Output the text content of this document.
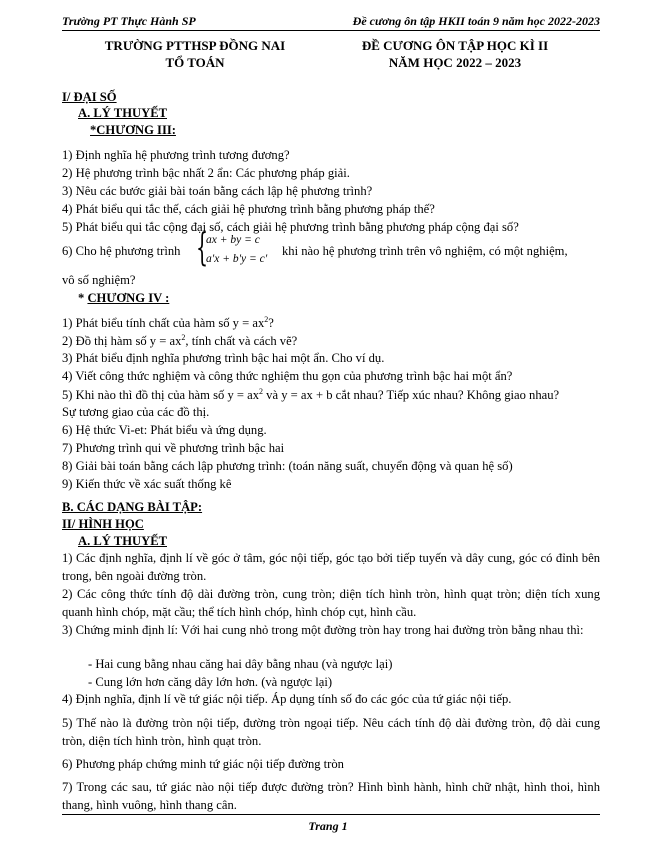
Trường PT Thực Hành SP	Đề cương ôn tập HKII toán 9 năm học 2022-2023
TRƯỜNG PTTHSP ĐỒNG NAI
TỔ TOÁN
ĐỀ CƯƠNG ÔN TẬP HỌC KÌ II
NĂM HỌC 2022 – 2023
I/ ĐẠI SỐ
A. LÝ THUYẾT
*CHƯƠNG III:
1) Định nghĩa hệ phương trình tương đương?
2) Hệ phương trình bậc nhất 2 ẩn: Các phương pháp giải.
3) Nêu các bước giải bài toán bằng cách lập hệ phương trình?
4) Phát biểu qui tắc thế, cách giải hệ phương trình bằng phương pháp thế?
5) Phát biểu qui tắc cộng đại số, cách giải hệ phương trình bằng phương pháp cộng đại số?
6) Cho hệ phương trình {
ax + by = c
a'x + b'y = c'
khi nào hệ phương trình trên vô nghiệm, có một nghiệm,
vô số nghiệm?
* CHƯƠNG IV :
1) Phát biểu tính chất của hàm số $y = ax^2$?
2) Đồ thị hàm số $y = ax^2$, tính chất và cách vẽ?
3) Phát biểu định nghĩa phương trình bậc hai một ẩn. Cho ví dụ.
4) Viết công thức nghiệm và công thức nghiệm thu gọn của phương trình bậc hai một ẩn?
5) Khi nào thì đồ thị của hàm số $y = ax^2$ và y = ax + b cắt nhau? Tiếp xúc nhau? Không giao nhau?
Sự tương giao của các đồ thị.
6) Hệ thức Vi-et: Phát biểu và ứng dụng.
7) Phương trình qui về phương trình bậc hai
8) Giải bài toán bằng cách lập phương trình: (toán năng suất, chuyển động và quan hệ số)
9) Kiến thức về xác suất thống kê
B. CÁC DẠNG BÀI TẬP:
II/ HÌNH HỌC
A. LÝ THUYẾT
1) Các định nghĩa, định lí về góc ở tâm, góc nội tiếp, góc tạo bởi tiếp tuyến và dây cung, góc có đỉnh bên trong, bên ngoài đường tròn.
2) Các công thức tính độ dài đường tròn, cung tròn; diện tích hình tròn, hình quạt tròn; diện tích xung quanh hình chóp, mặt cầu; thể tích hình chóp, hình chóp cụt, hình cầu.
3) Chứng minh định lí: Với hai cung nhỏ trong một đường tròn hay trong hai đường tròn bằng nhau thì:
- Hai cung bằng nhau căng hai dây bằng nhau (và ngược lại)
- Cung lớn hơn căng dây lớn hơn. (và ngược lại)
4) Định nghĩa, định lí về tứ giác nội tiếp. Áp dụng tính số đo các góc của tứ giác nội tiếp.
5) Thế nào là đường tròn nội tiếp, đường tròn ngoại tiếp. Nêu cách tính độ dài đường tròn, độ dài cung tròn, diện tích hình tròn, hình quạt tròn.
6) Phương pháp chứng minh tứ giác nội tiếp đường tròn
7) Trong các sau, tứ giác nào nội tiếp được đường tròn? Hình bình hành, hình chữ nhật, hình thoi, hình thang, hình vuông, hình thang cân.
Trang 1
